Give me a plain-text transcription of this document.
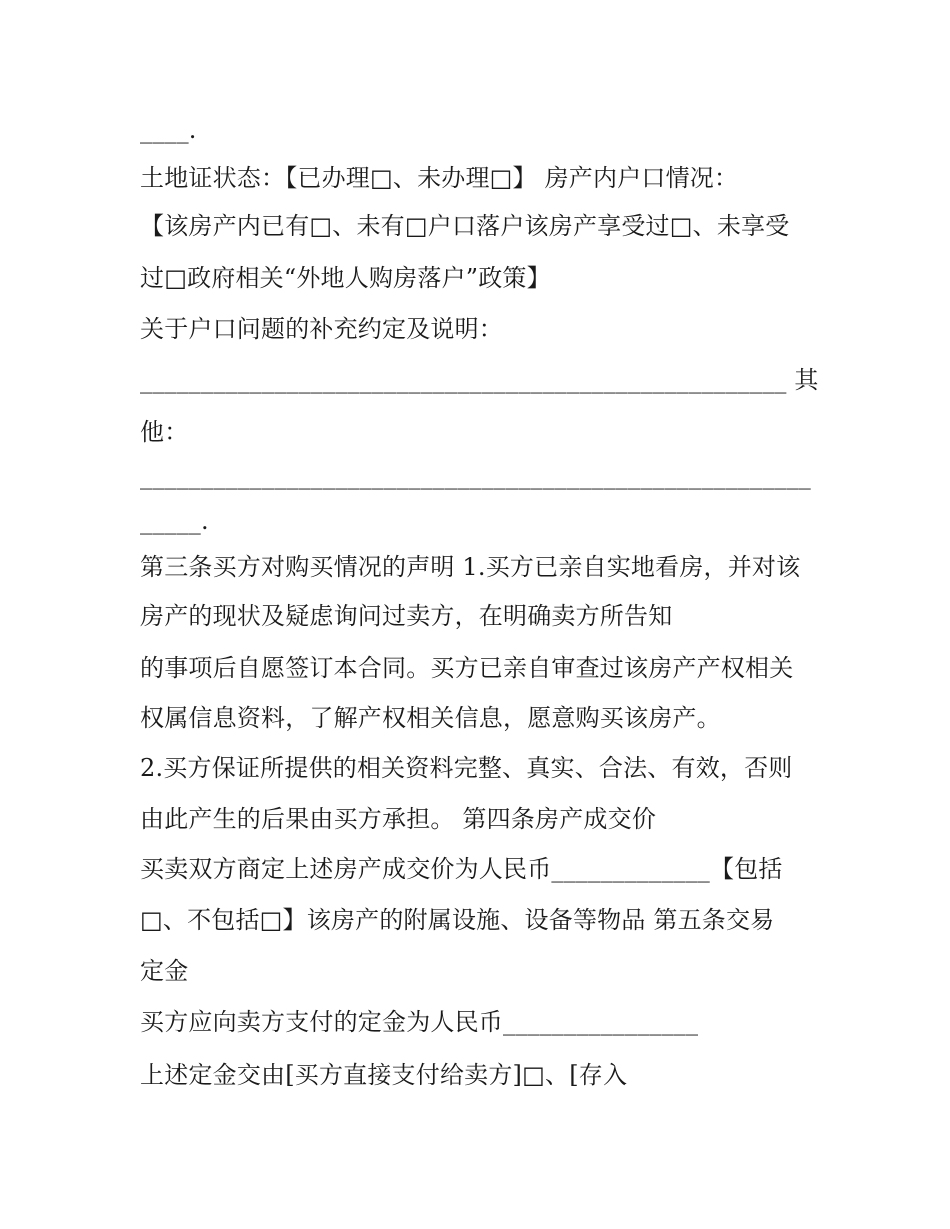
____.
土地证状态：【已办理□、未办理□】 房产内户口情况：
【该房产内已有□、未有□户口落户该房产享受过□、未享受
过□政府相关“外地人购房落户”政策】
关于户口问题的补充约定及说明：
_____________________________________________________ 其
他：
_______________________________________________________
_____.
第三条买方对购买情况的声明 1.买方已亲自实地看房，并对该
房产的现状及疑虑询问过卖方，在明确卖方所告知
的事项后自愿签订本合同。买方已亲自审查过该房产产权相关
权属信息资料，了解产权相关信息，愿意购买该房产。
2.买方保证所提供的相关资料完整、真实、合法、有效，否则
由此产生的后果由买方承担。 第四条房产成交价
买卖双方商定上述房产成交价为人民币_____________【包括
□、不包括□】该房产的附属设施、设备等物品 第五条交易
定金
买方应向卖方支付的定金为人民币________________
上述定金交由[买方直接支付给卖方]□、[存入
